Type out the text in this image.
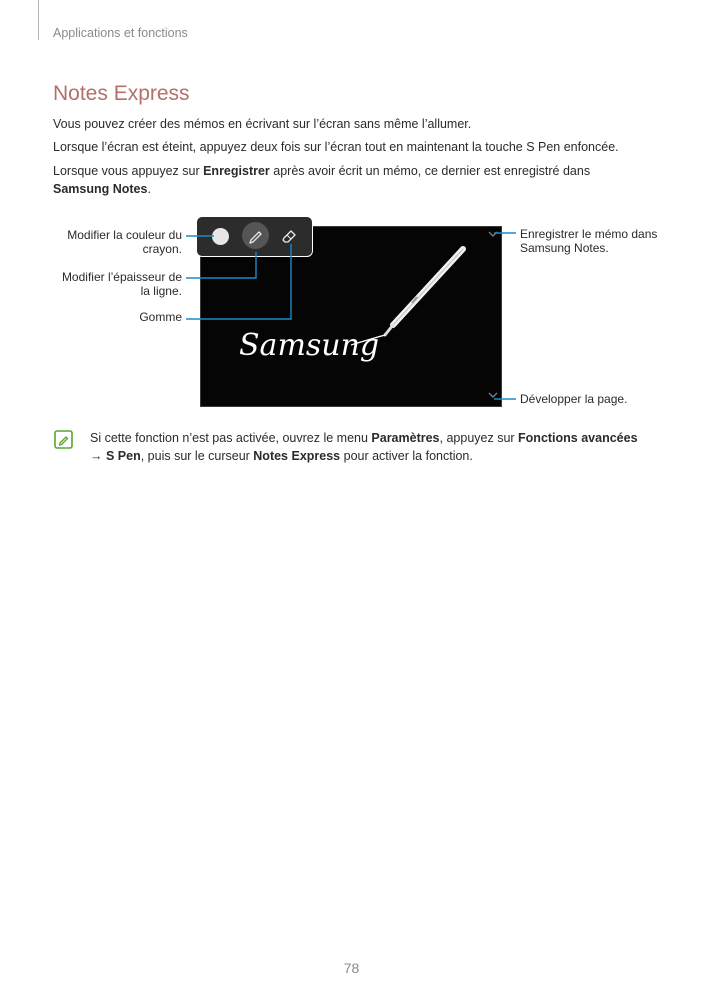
Applications et fonctions
Notes Express
Vous pouvez créer des mémos en écrivant sur l’écran sans même l’allumer.
Lorsque l’écran est éteint, appuyez deux fois sur l’écran tout en maintenant la touche S Pen enfoncée.
Lorsque vous appuyez sur Enregistrer après avoir écrit un mémo, ce dernier est enregistré dans Samsung Notes.
Samsung
Modifier la couleur du crayon.
Modifier l’épaisseur de la ligne.
Gomme
Enregistrer le mémo dans Samsung Notes.
Développer la page.
Si cette fonction n’est pas activée, ouvrez le menu Paramètres, appuyez sur Fonctions avancées → S Pen, puis sur le curseur Notes Express pour activer la fonction.
78
